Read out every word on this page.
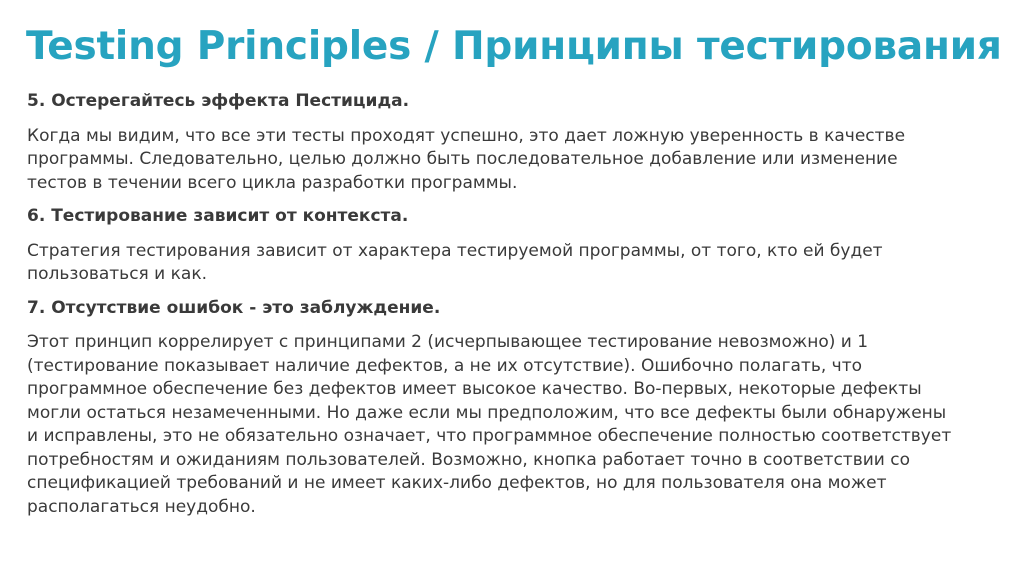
Testing Principles / Принципы тестирования
5. Остерегайтесь эффекта Пестицида.
Когда мы видим, что все эти тесты проходят успешно, это дает ложную уверенность в качестве
программы. Следовательно, целью должно быть последовательное добавление или изменение
тестов в течении всего цикла разработки программы.
6. Тестирование зависит от контекста.
Стратегия тестирования зависит от характера тестируемой программы, от того, кто ей будет
пользоваться и как.
7. Отсутствие ошибок - это заблуждение.
Этот принцип коррелирует с принципами 2 (исчерпывающее тестирование невозможно) и 1
(тестирование показывает наличие дефектов, а не их отсутствие). Ошибочно полагать, что
программное обеспечение без дефектов имеет высокое качество. Во-первых, некоторые дефекты
могли остаться незамеченными. Но даже если мы предположим, что все дефекты были обнаружены
и исправлены, это не обязательно означает, что программное обеспечение полностью соответствует
потребностям и ожиданиям пользователей. Возможно, кнопка работает точно в соответствии со
спецификацией требований и не имеет каких-либо дефектов, но для пользователя она может
располагаться неудобно.
